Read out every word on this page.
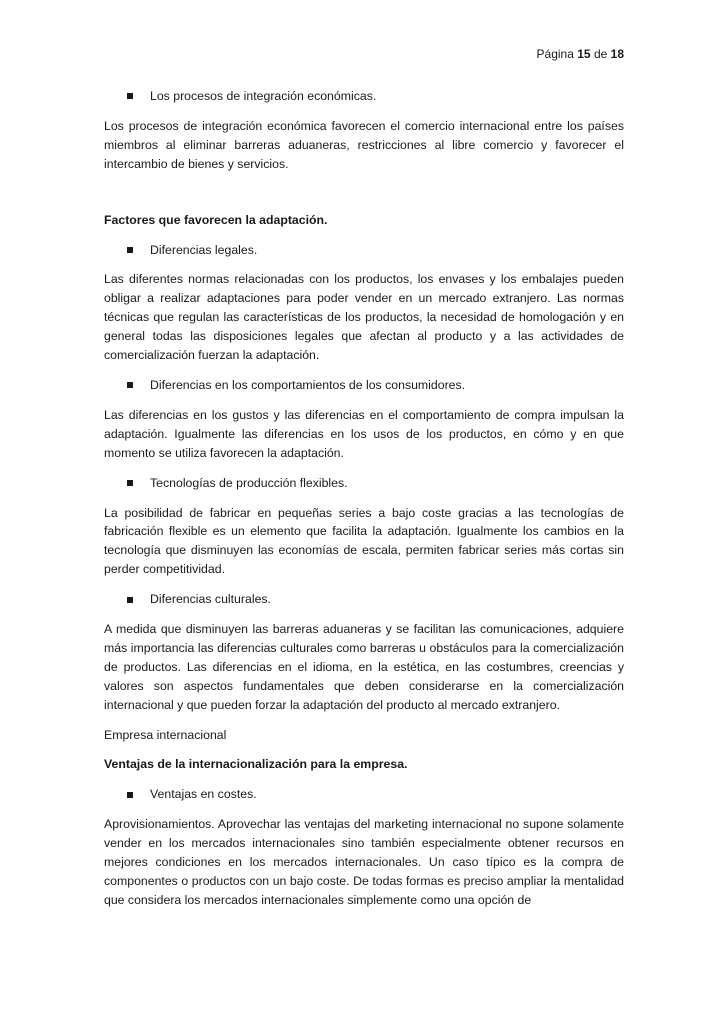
Página 15 de 18
Los procesos de integración económicas.

Los procesos de integración económica favorecen el comercio internacional entre los países miembros al eliminar barreras aduaneras, restricciones al libre comercio y favorecer el intercambio de bienes y servicios.

Factores que favorecen la adaptación.

Diferencias legales.

Las diferentes normas relacionadas con los productos, los envases y los embalajes pueden obligar a realizar adaptaciones para poder vender en un mercado extranjero. Las normas técnicas que regulan las características de los productos, la necesidad de homologación y en general todas las disposiciones legales que afectan al producto y a las actividades de comercialización fuerzan la adaptación.

Diferencias en los comportamientos de los consumidores.

Las diferencias en los gustos y las diferencias en el comportamiento de compra impulsan la adaptación. Igualmente las diferencias en los usos de los productos, en cómo y en que momento se utiliza favorecen la adaptación.

Tecnologías de producción flexibles.

La posibilidad de fabricar en pequeñas series a bajo coste gracias a las tecnologías de fabricación flexible es un elemento que facilita la adaptación. Igualmente los cambios en la tecnología que disminuyen las economías de escala, permiten fabricar series más cortas sin perder competitividad.

Diferencias culturales.

A medida que disminuyen las barreras aduaneras y se facilitan las comunicaciones, adquiere más importancia las diferencias culturales como barreras u obstáculos para la comercialización de productos. Las diferencias en el idioma, en la estética, en las costumbres, creencias y valores son aspectos fundamentales que deben considerarse en la comercialización internacional y que pueden forzar la adaptación del producto al mercado extranjero.

Empresa internacional

Ventajas de la internacionalización para la empresa.

Ventajas en costes.

Aprovisionamientos. Aprovechar las ventajas del marketing internacional no supone solamente vender en los mercados internacionales sino también especialmente obtener recursos en mejores condiciones en los mercados internacionales. Un caso típico es la compra de componentes o productos con un bajo coste. De todas formas es preciso ampliar la mentalidad que considera los mercados internacionales simplemente como una opción de
